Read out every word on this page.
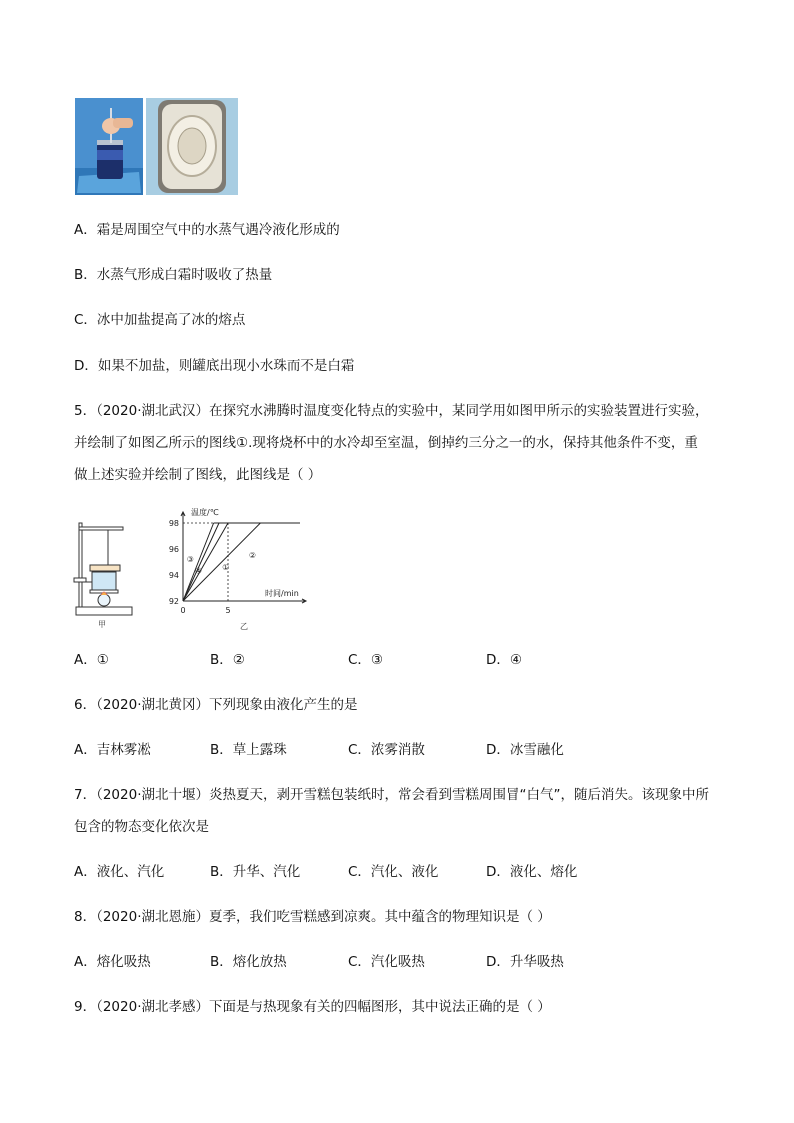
A．霜是周围空气中的水蒸气遇冷液化形成的
B．水蒸气形成白霜时吸收了热量
C．冰中加盐提高了冰的熔点
D．如果不加盐，则罐底出现小水珠而不是白霜
5．（2020·湖北武汉）在探究水沸腾时温度变化特点的实验中，某同学用如图甲所示的实验装置进行实验，
并绘制了如图乙所示的图线①.现将烧杯中的水冷却至室温，倒掉约三分之一的水，保持其他条件不变，重
做上述实验并绘制了图线，此图线是（ ）
甲
92
94
96
98
0	5
温度/℃
时间/min
①
②
③
④
乙
A．①	B．②	C．③	D．④
6．（2020·湖北黄冈）下列现象由液化产生的是
A．吉林雾凇	B．草上露珠	C．浓雾消散	D．冰雪融化
7．（2020·湖北十堰）炎热夏天，剥开雪糕包装纸时，常会看到雪糕周围冒“白气”，随后消失。该现象中所
包含的物态变化依次是
A．液化、汽化	B．升华、汽化	C．汽化、液化	D．液化、熔化
8．（2020·湖北恩施）夏季，我们吃雪糕感到凉爽。其中蕴含的物理知识是（ ）
A．熔化吸热	B．熔化放热	C．汽化吸热	D．升华吸热
9．（2020·湖北孝感）下面是与热现象有关的四幅图形，其中说法正确的是（ ）
